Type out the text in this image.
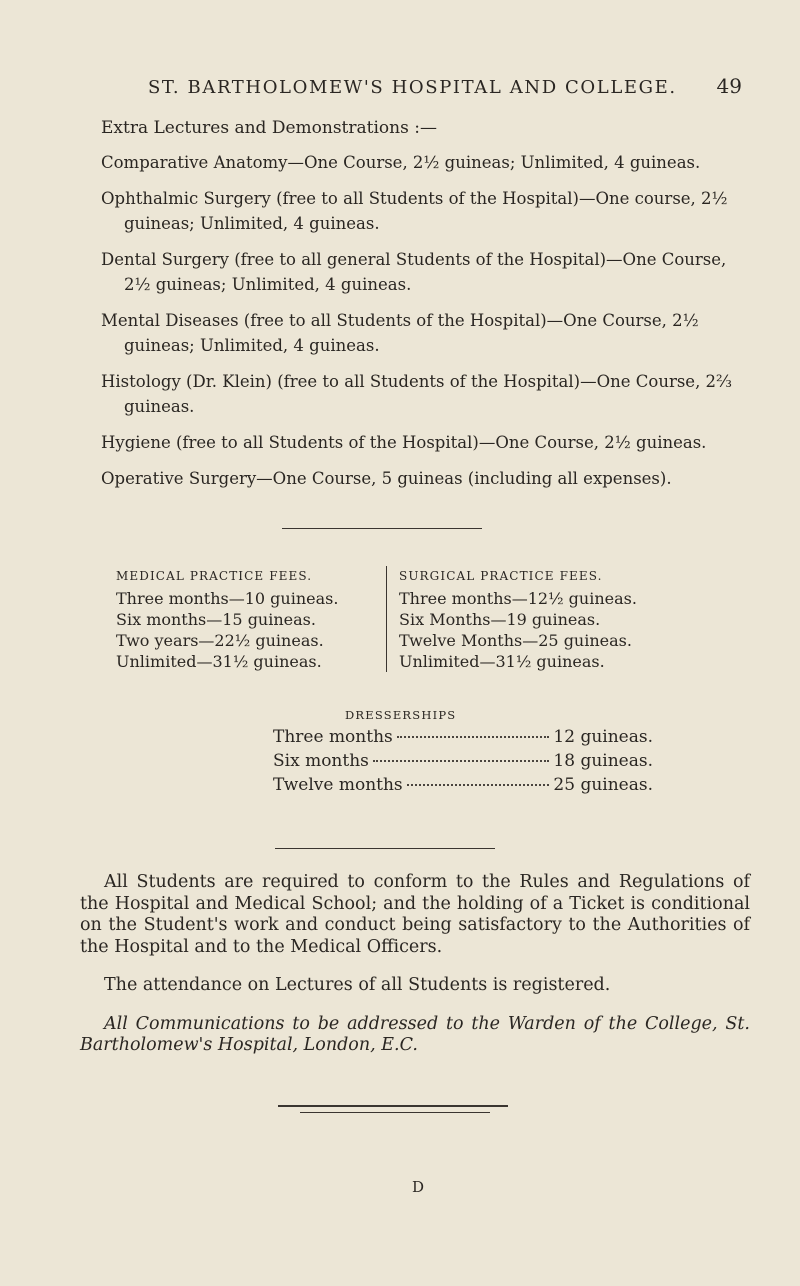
ST. BARTHOLOMEW'S HOSPITAL AND COLLEGE. 49
Extra Lectures and Demonstrations :—

Comparative Anatomy—One Course, 2½ guineas; Unlimited, 4 guineas.

Ophthalmic Surgery (free to all Students of the Hospital)—One course, 2½ guineas; Unlimited, 4 guineas.

Dental Surgery (free to all general Students of the Hospital)—One Course, 2½ guineas; Unlimited, 4 guineas.

Mental Diseases (free to all Students of the Hospital)—One Course, 2½ guineas; Unlimited, 4 guineas.

Histology (Dr. Klein) (free to all Students of the Hospital)—One Course, 2⅔ guineas.

Hygiene (free to all Students of the Hospital)—One Course, 2½ guineas.

Operative Surgery—One Course, 5 guineas (including all expenses).

MEDICAL PRACTICE FEES.
Three months—10 guineas.
Six months—15 guineas.
Two years—22½ guineas.
Unlimited—31½ guineas.
SURGICAL PRACTICE FEES.
Three months—12½ guineas.
Six Months—19 guineas.
Twelve Months—25 guineas.
Unlimited—31½ guineas.
DRESSERSHIPS
Three months	12 guineas.
Six months	18 guineas.
Twelve months	25 guineas.

All Students are required to conform to the Rules and Regulations of the Hospital and Medical School; and the holding of a Ticket is conditional on the Student's work and conduct being satisfactory to the Authorities of the Hospital and to the Medical Officers.

The attendance on Lectures of all Students is registered.

All Communications to be addressed to the Warden of the College, St. Bartholomew's Hospital, London, E.C.

D
